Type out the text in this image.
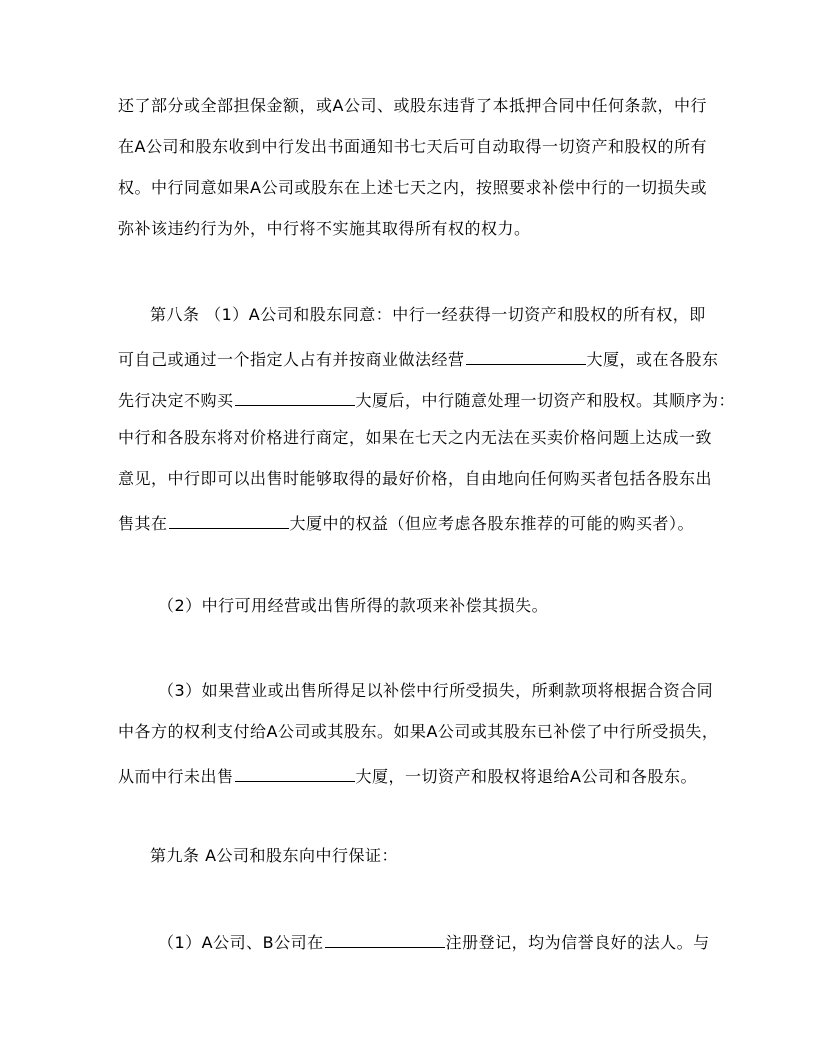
还了部分或全部担保金额，或A公司、或股东违背了本抵押合同中任何条款，中行
在A公司和股东收到中行发出书面通知书七天后可自动取得一切资产和股权的所有
权。中行同意如果A公司或股东在上述七天之内，按照要求补偿中行的一切损失或
弥补该违约行为外，中行将不实施其取得所有权的权力。
第八条 （1）A公司和股东同意：中行一经获得一切资产和股权的所有权，即
可自己或通过一个指定人占有并按商业做法经营	大厦，或在各股东
先行决定不购买	大厦后，中行随意处理一切资产和股权。其顺序为：
中行和各股东将对价格进行商定，如果在七天之内无法在买卖价格问题上达成一致
意见，中行即可以出售时能够取得的最好价格，自由地向任何购买者包括各股东出
售其在	大厦中的权益（但应考虑各股东推荐的可能的购买者）。
（2）中行可用经营或出售所得的款项来补偿其损失。
（3）如果营业或出售所得足以补偿中行所受损失，所剩款项将根据合资合同
中各方的权利支付给A公司或其股东。如果A公司或其股东已补偿了中行所受损失，
从而中行未出售	大厦，一切资产和股权将退给A公司和各股东。
第九条 A公司和股东向中行保证：
（1）A公司、B公司在	注册登记，均为信誉良好的法人。与
